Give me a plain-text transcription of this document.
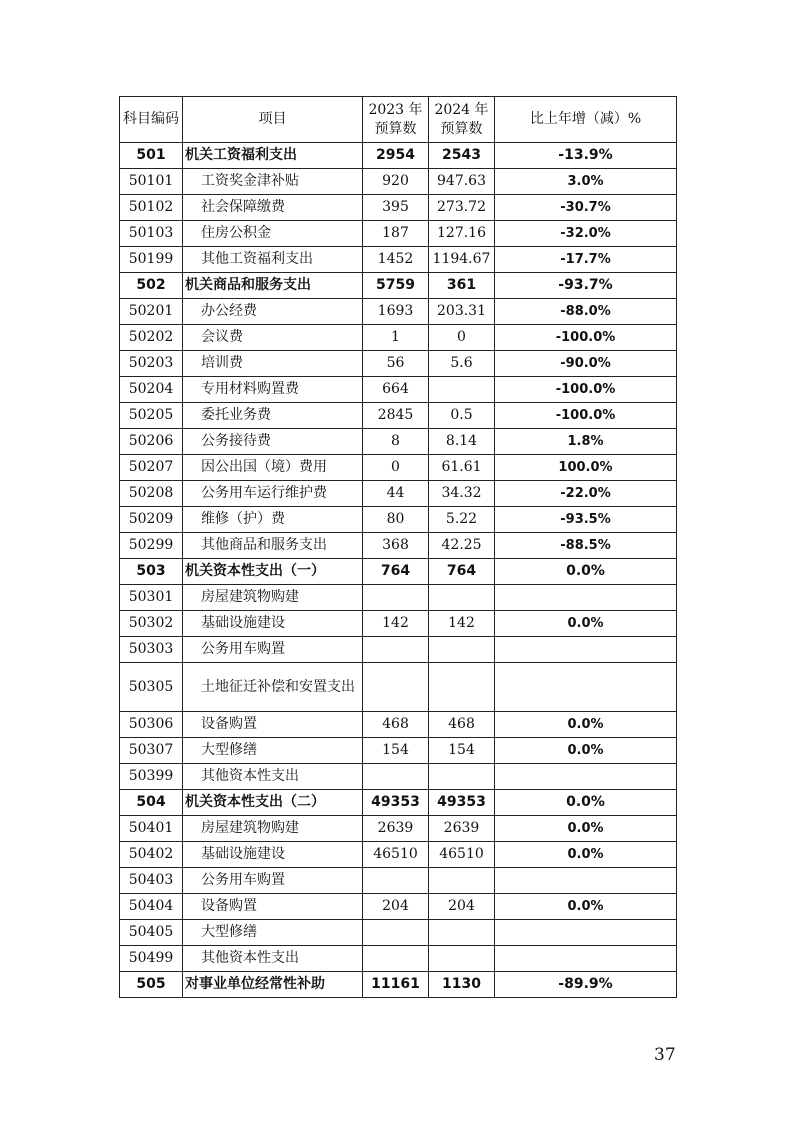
科目编码	项目	2023 年预算数	2024 年预算数	比上年增（减）%
501	机关工资福利支出	2954	2543	-13.9%
50101	工资奖金津补贴	920	947.63	3.0%
50102	社会保障缴费	395	273.72	-30.7%
50103	住房公积金	187	127.16	-32.0%
50199	其他工资福利支出	1452	1194.67	-17.7%
502	机关商品和服务支出	5759	361	-93.7%
50201	办公经费	1693	203.31	-88.0%
50202	会议费	1	0	-100.0%
50203	培训费	56	5.6	-90.0%
50204	专用材料购置费	664		-100.0%
50205	委托业务费	2845	0.5	-100.0%
50206	公务接待费	8	8.14	1.8%
50207	因公出国（境）费用	0	61.61	100.0%
50208	公务用车运行维护费	44	34.32	-22.0%
50209	维修（护）费	80	5.22	-93.5%
50299	其他商品和服务支出	368	42.25	-88.5%
503	机关资本性支出（一）	764	764	0.0%
50301	房屋建筑物购建			
50302	基础设施建设	142	142	0.0%
50303	公务用车购置			
50305	土地征迁补偿和安置支出			
50306	设备购置	468	468	0.0%
50307	大型修缮	154	154	0.0%
50399	其他资本性支出			
504	机关资本性支出（二）	49353	49353	0.0%
50401	房屋建筑物购建	2639	2639	0.0%
50402	基础设施建设	46510	46510	0.0%
50403	公务用车购置			
50404	设备购置	204	204	0.0%
50405	大型修缮			
50499	其他资本性支出			
505	对事业单位经常性补助	11161	1130	-89.9%
37
